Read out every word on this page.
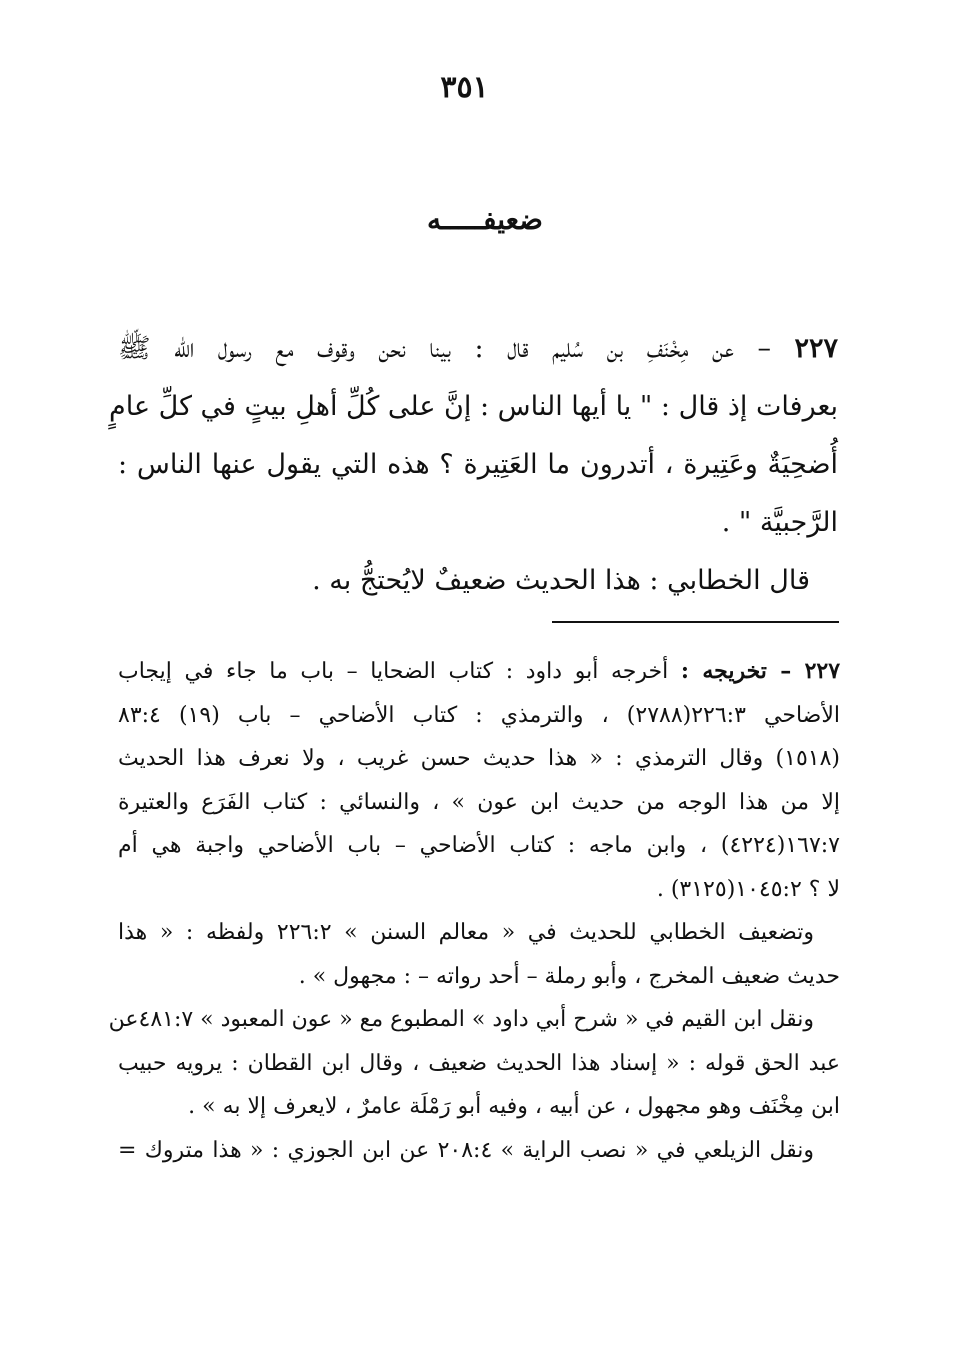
٣٥١
ضعيفـــــه
٢٢٧ – عن مِخْنَفِ بن سُليم قال : بينا نحن وقوف مع رسول الله ﷺ
بعرفات إذ قال : " يا أيها الناس : إنَّ على كُلِّ أهلِ بيتٍ في كلِّ عامٍ
أُضحِيَةٌ وعَتِيرة ، أتدرون ما العَتِيرة ؟ هذه التي يقول عنها الناس :
الرَّجبيَّة " .
قال الخطابي : هذا الحديث ضعيفٌ لايُحتجُّ به .
٢٢٧ – تخريجه : أخرجه أبو داود : كتاب الضحايا – باب ما جاء في إيجاب
الأضاحي ٢٢٦:٣(٢٧٨٨) ، والترمذي : كتاب الأضاحي – باب (١٩) ٨٣:٤
(١٥١٨) وقال الترمذي : « هذا حديث حسن غريب ، ولا نعرف هذا الحديث
إلا من هذا الوجه من حديث ابن عون » ، والنسائي : كتاب الفَرَع والعتيرة
١٦٧:٧(٤٢٢٤) ، وابن ماجه : كتاب الأضاحي – باب الأضاحي واجبة هي أم
لا ؟ ١٠٤٥:٢(٣١٢٥) .
وتضعيف الخطابي للحديث في « معالم السنن » ٢٢٦:٢ ولفظه : « هذا
حديث ضعيف المخرج ، وأبو رملة – أحد رواته – : مجهول » .
ونقل ابن القيم في « شرح أبي داود » المطبوع مع « عون المعبود » ٤٨١:٧عن
عبد الحق قوله : « إسناد هذا الحديث ضعيف ، وقال ابن القطان : يرويه حبيب
ابن مِخْنَف وهو مجهول ، عن أبيه ، وفيه أبو رَمْلَة عامرٌ ، لايعرف إلا به » .
ونقل الزيلعي في « نصب الراية » ٢٠٨:٤ عن ابن الجوزي : « هذا متروك =
